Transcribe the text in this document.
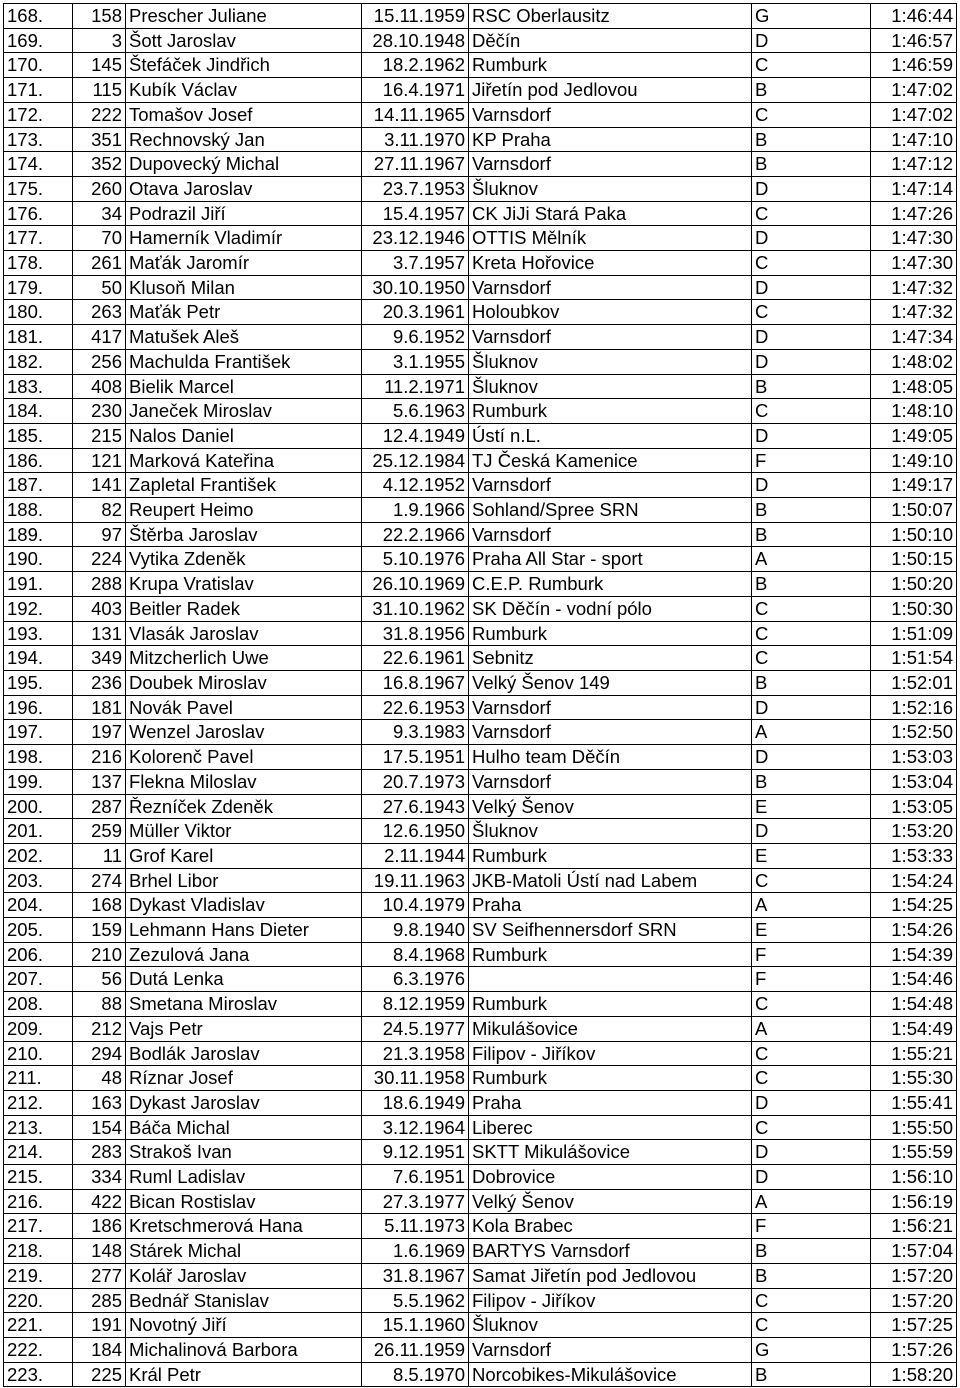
168.	158	Prescher Juliane	15.11.1959	RSC Oberlausitz	G	1:46:44
169.	3	Šott Jaroslav	28.10.1948	Děčín	D	1:46:57
170.	145	Štefáček Jindřich	18.2.1962	Rumburk	C	1:46:59
171.	115	Kubík Václav	16.4.1971	Jiřetín pod Jedlovou	B	1:47:02
172.	222	Tomašov Josef	14.11.1965	Varnsdorf	C	1:47:02
173.	351	Rechnovský Jan	3.11.1970	KP Praha	B	1:47:10
174.	352	Dupovecký Michal	27.11.1967	Varnsdorf	B	1:47:12
175.	260	Otava Jaroslav	23.7.1953	Šluknov	D	1:47:14
176.	34	Podrazil Jiří	15.4.1957	CK JiJi Stará Paka	C	1:47:26
177.	70	Hamerník Vladimír	23.12.1946	OTTIS Mělník	D	1:47:30
178.	261	Maťák Jaromír	3.7.1957	Kreta Hořovice	C	1:47:30
179.	50	Klusoň Milan	30.10.1950	Varnsdorf	D	1:47:32
180.	263	Maťák Petr	20.3.1961	Holoubkov	C	1:47:32
181.	417	Matušek Aleš	9.6.1952	Varnsdorf	D	1:47:34
182.	256	Machulda František	3.1.1955	Šluknov	D	1:48:02
183.	408	Bielik Marcel	11.2.1971	Šluknov	B	1:48:05
184.	230	Janeček Miroslav	5.6.1963	Rumburk	C	1:48:10
185.	215	Nalos Daniel	12.4.1949	Ústí n.L.	D	1:49:05
186.	121	Marková Kateřina	25.12.1984	TJ Česká Kamenice	F	1:49:10
187.	141	Zapletal František	4.12.1952	Varnsdorf	D	1:49:17
188.	82	Reupert Heimo	1.9.1966	Sohland/Spree SRN	B	1:50:07
189.	97	Štěrba Jaroslav	22.2.1966	Varnsdorf	B	1:50:10
190.	224	Vytika Zdeněk	5.10.1976	Praha All Star - sport	A	1:50:15
191.	288	Krupa Vratislav	26.10.1969	C.E.P. Rumburk	B	1:50:20
192.	403	Beitler Radek	31.10.1962	SK Děčín - vodní pólo	C	1:50:30
193.	131	Vlasák Jaroslav	31.8.1956	Rumburk	C	1:51:09
194.	349	Mitzcherlich Uwe	22.6.1961	Sebnitz	C	1:51:54
195.	236	Doubek Miroslav	16.8.1967	Velký Šenov 149	B	1:52:01
196.	181	Novák Pavel	22.6.1953	Varnsdorf	D	1:52:16
197.	197	Wenzel Jaroslav	9.3.1983	Varnsdorf	A	1:52:50
198.	216	Kolorenč Pavel	17.5.1951	Hulho team Děčín	D	1:53:03
199.	137	Flekna Miloslav	20.7.1973	Varnsdorf	B	1:53:04
200.	287	Řezníček Zdeněk	27.6.1943	Velký Šenov	E	1:53:05
201.	259	Müller Viktor	12.6.1950	Šluknov	D	1:53:20
202.	11	Grof Karel	2.11.1944	Rumburk	E	1:53:33
203.	274	Brhel Libor	19.11.1963	JKB-Matoli Ústí nad Labem	C	1:54:24
204.	168	Dykast Vladislav	10.4.1979	Praha	A	1:54:25
205.	159	Lehmann Hans Dieter	9.8.1940	SV Seifhennersdorf SRN	E	1:54:26
206.	210	Zezulová Jana	8.4.1968	Rumburk	F	1:54:39
207.	56	Dutá Lenka	6.3.1976		F	1:54:46
208.	88	Smetana Miroslav	8.12.1959	Rumburk	C	1:54:48
209.	212	Vajs Petr	24.5.1977	Mikulášovice	A	1:54:49
210.	294	Bodlák Jaroslav	21.3.1958	Filipov - Jiříkov	C	1:55:21
211.	48	Ríznar Josef	30.11.1958	Rumburk	C	1:55:30
212.	163	Dykast Jaroslav	18.6.1949	Praha	D	1:55:41
213.	154	Báča Michal	3.12.1964	Liberec	C	1:55:50
214.	283	Strakoš Ivan	9.12.1951	SKTT Mikulášovice	D	1:55:59
215.	334	Ruml Ladislav	7.6.1951	Dobrovice	D	1:56:10
216.	422	Bican Rostislav	27.3.1977	Velký Šenov	A	1:56:19
217.	186	Kretschmerová Hana	5.11.1973	Kola Brabec	F	1:56:21
218.	148	Stárek Michal	1.6.1969	BARTYS Varnsdorf	B	1:57:04
219.	277	Kolář Jaroslav	31.8.1967	Samat Jiřetín pod Jedlovou	B	1:57:20
220.	285	Bednář Stanislav	5.5.1962	Filipov - Jiříkov	C	1:57:20
221.	191	Novotný Jiří	15.1.1960	Šluknov	C	1:57:25
222.	184	Michalinová Barbora	26.11.1959	Varnsdorf	G	1:57:26
223.	225	Král Petr	8.5.1970	Norcobikes-Mikulášovice	B	1:58:20
